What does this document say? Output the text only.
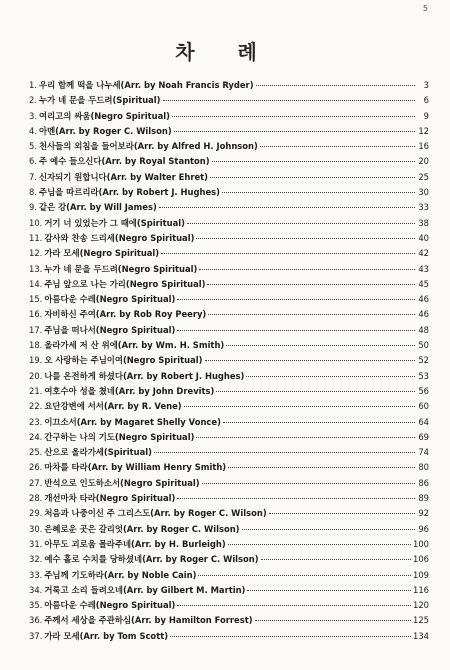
5
차 례
1. 우리 함께 떡을 나누세(Arr. by Noah Francis Ryder)	3
2. 누가 네 문을 두드려(Spiritual)	6
3. 여리고의 싸움(Negro Spiritual)	9
4. 아멘(Arr. by Roger C. Wilson)	12
5. 천사들의 외침을 들어보라(Arr. by Alfred H. Johnson)	16
6. 주 예수 들으신다(Arr. by Royal Stanton)	20
7. 신자되기 원합니다(Arr. by Walter Ehret)	25
8. 주님을 따르리라(Arr. by Robert J. Hughes)	30
9. 같은 강(Arr. by Will James)	33
10. 거기 너 있었는가 그 때에(Spiritual)	38
11. 감사와 찬송 드리세(Negro Spiritual)	40
12. 가라 모세(Negro Spiritual)	42
13. 누가 네 문을 두드려(Negro Spiritual)	43
14. 주님 앞으로 나는 가리(Negro Spiritual)	45
15. 아름다운 수레(Negro Spiritual)	46
16. 자비하신 주여(Arr. by Rob Roy Peery)	46
17. 주님을 떠나서(Negro Spiritual)	48
18. 올라가세 저 산 위에(Arr. by Wm. H. Smith)	50
19. 오 사랑하는 주님이여(Negro Spiritual)	52
20. 나를 온전하게 하셨다(Arr. by Robert J. Hughes)	53
21. 여호수아 성을 쳤네(Arr. by John Drevits)	56
22. 요단강변에 서서(Arr. by R. Vene)	60
23. 이끄소서(Arr. by Magaret Shelly Vonce)	64
24. 간구하는 나의 기도(Negro Spiritual)	69
25. 산으로 올라가세(Spiritual)	74
26. 마차를 타라(Arr. by William Henry Smith)	80
27. 반석으로 인도하소서(Negro Spiritual)	86
28. 개선마차 타라(Negro Spiritual)	89
29. 처음과 나중이신 주 그리스도(Arr. by Roger C. Wilson)	92
30. 은혜로운 곳은 갈리엇(Arr. by Roger C. Wilson)	96
31. 아무도 괴로움 몰라주네(Arr. by H. Burleigh)	100
32. 예수 홀로 수치를 당하셨네(Arr. by Roger C. Wilson)	106
33. 주님께 기도하라(Arr. by Noble Cain)	109
34. 거룩고 소리 들려오네(Arr. by Gilbert M. Martin)	116
35. 아름다운 수레(Negro Spiritual)	120
36. 주께서 세상을 주관하심(Arr. by Hamilton Forrest)	125
37. 가라 모세(Arr. by Tom Scott)	134
